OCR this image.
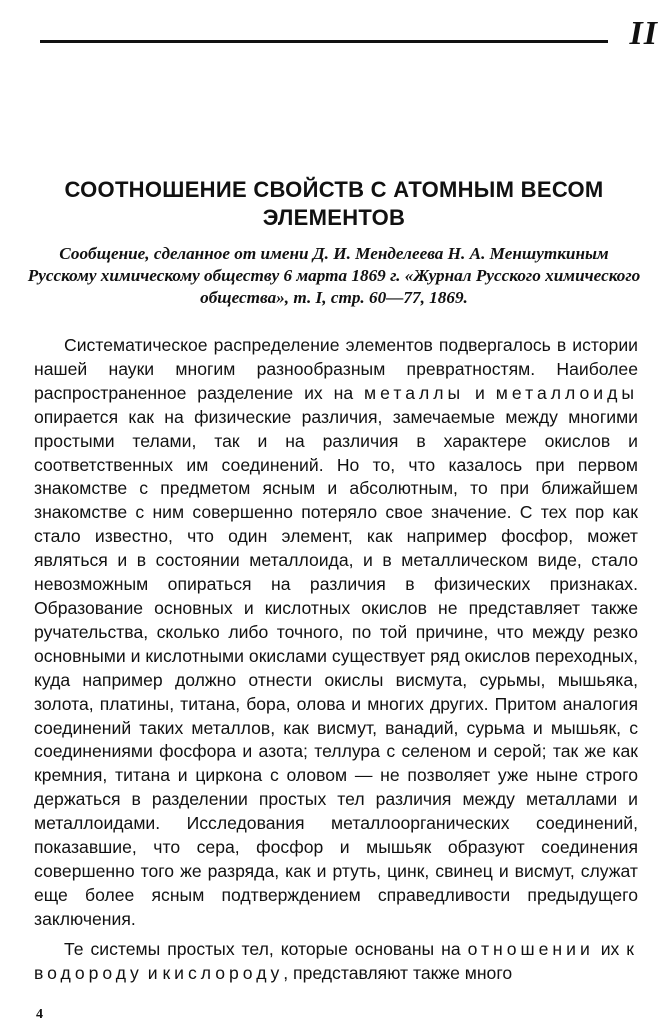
II
СООТНОШЕНИЕ СВОЙСТВ С АТОМНЫМ ВЕСОМ ЭЛЕМЕНТОВ
Сообщение, сделанное от имени Д. И. Менделеева Н. А. Меншуткиным Русскому химическому обществу 6 марта 1869 г. «Журнал Русского химического общества», т. I, стр. 60—77, 1869.

Систематическое распределение элементов подвергалось в истории нашей науки многим разнообразным превратностям. Наиболее распространенное разделение их на металлы и металлоиды опирается как на физические различия, замечаемые между многими простыми телами, так и на различия в характере окислов и соответственных им соединений. Но то, что казалось при первом знакомстве с предметом ясным и абсолютным, то при ближайшем знакомстве с ним совершенно потеряло свое значение. С тех пор как стало известно, что один элемент, как например фосфор, может являться и в состоянии металлоида, и в металлическом виде, стало невозможным опираться на различия в физических признаках. Образование основных и кислотных окислов не представляет также ручательства, сколько либо точного, по той причине, что между резко основными и кислотными окислами существует ряд окислов переходных, куда например должно отнести окислы висмута, сурьмы, мышьяка, золота, платины, титана, бора, олова и многих других. Притом аналогия соединений таких металлов, как висмут, ванадий, сурьма и мышьяк, с соединениями фосфора и азота; теллура с селеном и серой; так же как кремния, титана и циркона с оловом — не позволяет уже ныне строго держаться в разделении простых тел различия между металлами и металлоидами. Исследования металлоорганических соединений, показавшие, что сера, фосфор и мышьяк образуют соединения совершенно того же разряда, как и ртуть, цинк, свинец и висмут, служат еще более ясным подтверждением справедливости предыдущего заключения.

Те системы простых тел, которые основаны на отношении их к водороду и кислороду, представляют также много

4
